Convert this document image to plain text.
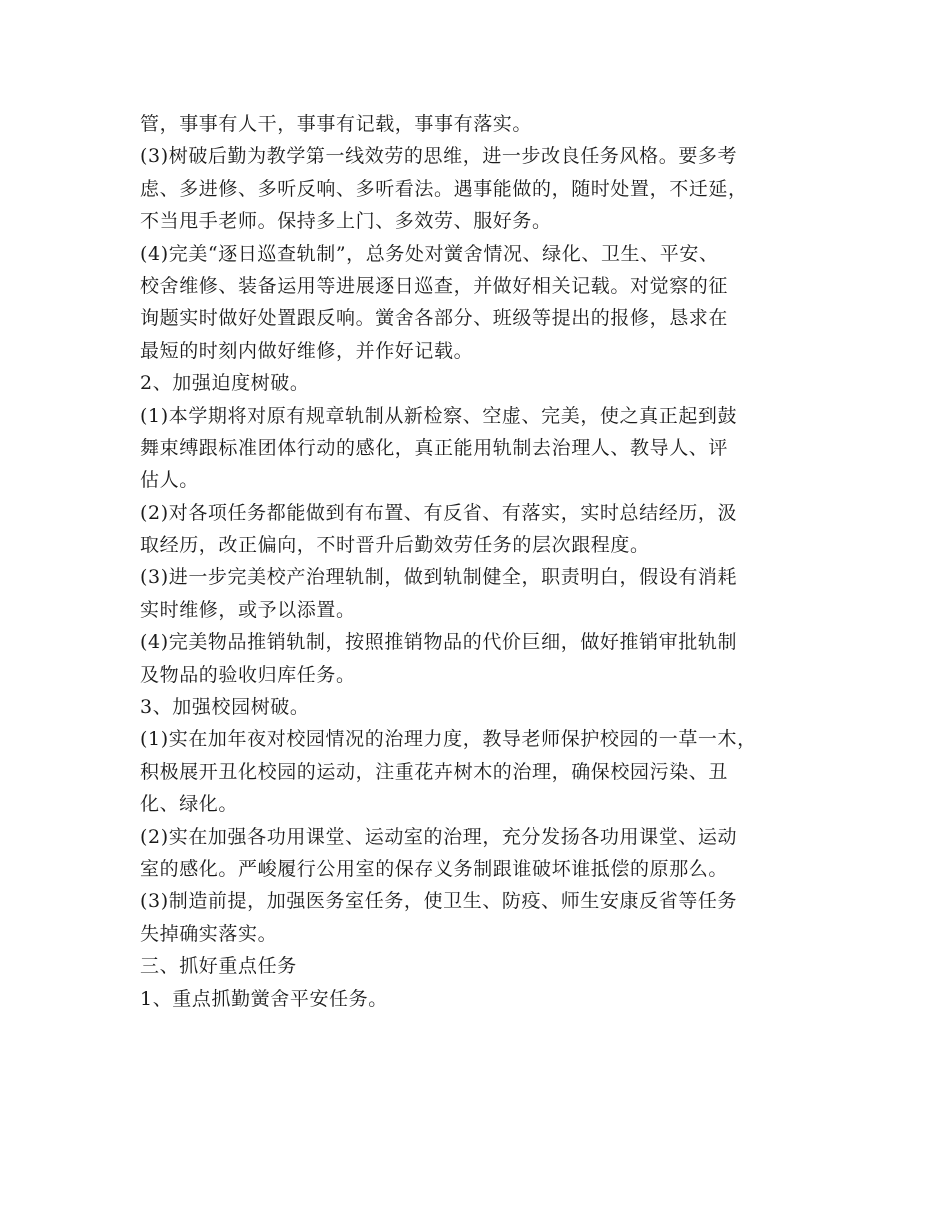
管，事事有人干，事事有记载，事事有落实。
(3)树破后勤为教学第一线效劳的思维，进一步改良任务风格。要多考
虑、多进修、多听反响、多听看法。遇事能做的，随时处置，不迁延，
不当甩手老师。保持多上门、多效劳、服好务。
(4)完美“逐日巡查轨制”，总务处对黉舍情况、绿化、卫生、平安、
校舍维修、装备运用等进展逐日巡查，并做好相关记载。对觉察的征
询题实时做好处置跟反响。黉舍各部分、班级等提出的报修，恳求在
最短的时刻内做好维修，并作好记载。
2、加强迫度树破。
(1)本学期将对原有规章轨制从新检察、空虚、完美，使之真正起到鼓
舞束缚跟标准团体行动的感化，真正能用轨制去治理人、教导人、评
估人。
(2)对各项任务都能做到有布置、有反省、有落实，实时总结经历，汲
取经历，改正偏向，不时晋升后勤效劳任务的层次跟程度。
(3)进一步完美校产治理轨制，做到轨制健全，职责明白，假设有消耗
实时维修，或予以添置。
(4)完美物品推销轨制，按照推销物品的代价巨细，做好推销审批轨制
及物品的验收归库任务。
3、加强校园树破。
(1)实在加年夜对校园情况的治理力度，教导老师保护校园的一草一木，
积极展开丑化校园的运动，注重花卉树木的治理，确保校园污染、丑
化、绿化。
(2)实在加强各功用课堂、运动室的治理，充分发扬各功用课堂、运动
室的感化。严峻履行公用室的保存义务制跟谁破坏谁抵偿的原那么。
(3)制造前提，加强医务室任务，使卫生、防疫、师生安康反省等任务
失掉确实落实。
三、抓好重点任务
1、重点抓勤黉舍平安任务。
